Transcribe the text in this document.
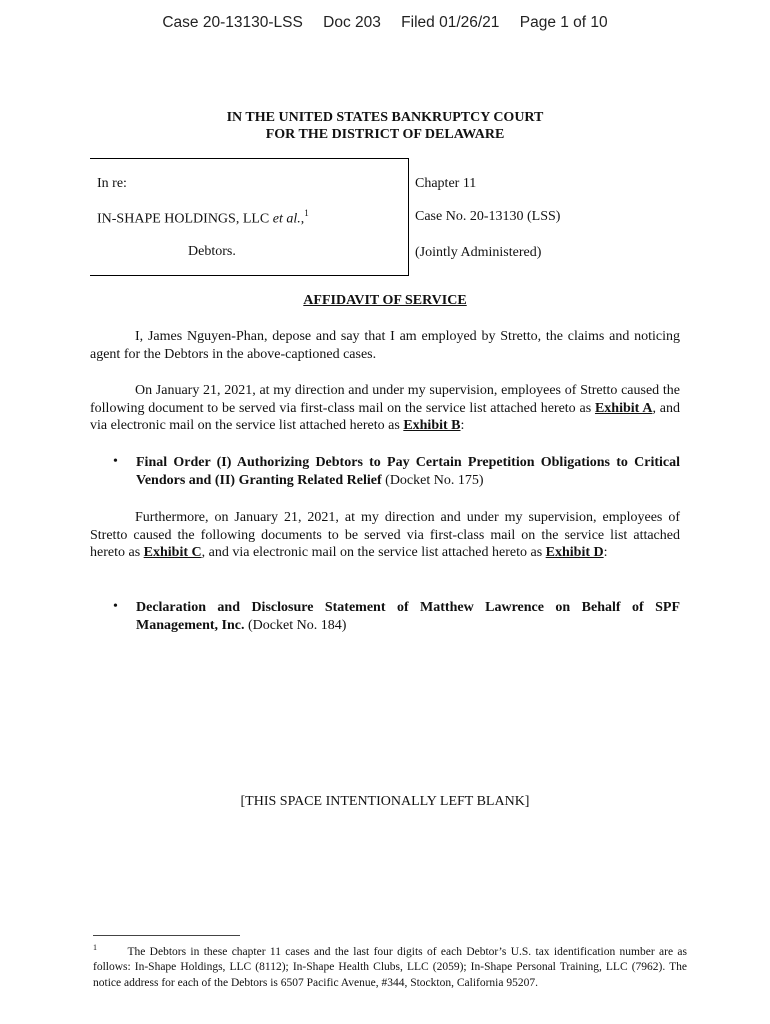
Case 20-13130-LSS Doc 203 Filed 01/26/21 Page 1 of 10
IN THE UNITED STATES BANKRUPTCY COURT
FOR THE DISTRICT OF DELAWARE
In re:
IN-SHAPE HOLDINGS, LLC et al.,$^1$
Debtors.
Chapter 11
Case No. 20-13130 (LSS)
(Jointly Administered)
AFFIDAVIT OF SERVICE
I, James Nguyen-Phan, depose and say that I am employed by Stretto, the claims and noticing agent for the Debtors in the above-captioned cases.
On January 21, 2021, at my direction and under my supervision, employees of Stretto caused the following document to be served via first-class mail on the service list attached hereto as Exhibit A, and via electronic mail on the service list attached hereto as Exhibit B:
• Final Order (I) Authorizing Debtors to Pay Certain Prepetition Obligations to Critical Vendors and (II) Granting Related Relief (Docket No. 175)
Furthermore, on January 21, 2021, at my direction and under my supervision, employees of Stretto caused the following documents to be served via first-class mail on the service list attached hereto as Exhibit C, and via electronic mail on the service list attached hereto as Exhibit D:
• Declaration and Disclosure Statement of Matthew Lawrence on Behalf of SPF Management, Inc. (Docket No. 184)
[THIS SPACE INTENTIONALLY LEFT BLANK]
$^1$	The Debtors in these chapter 11 cases and the last four digits of each Debtor’s U.S. tax identification number are as follows: In-Shape Holdings, LLC (8112); In-Shape Health Clubs, LLC (2059); In-Shape Personal Training, LLC (7962). The notice address for each of the Debtors is 6507 Pacific Avenue, #344, Stockton, California 95207.
